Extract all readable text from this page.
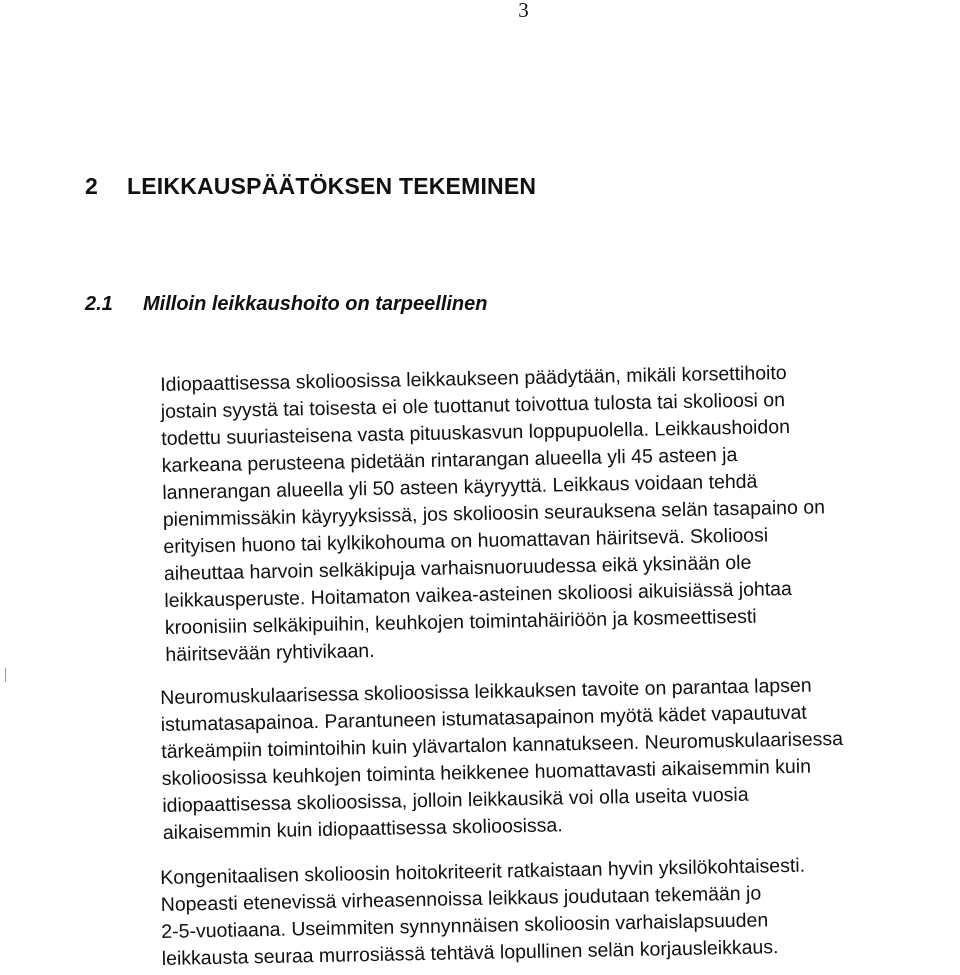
3
2 LEIKKAUSPÄÄTÖKSEN TEKEMINEN
2.1 Milloin leikkaushoito on tarpeellinen
Idiopaattisessa skolioosissa leikkaukseen päädytään, mikäli korsettihoito
jostain syystä tai toisesta ei ole tuottanut toivottua tulosta tai skolioosi on
todettu suuriasteisena vasta pituuskasvun loppupuolella. Leikkaushoidon
karkeana perusteena pidetään rintarangan alueella yli 45 asteen ja
lannerangan alueella yli 50 asteen käyryyttä. Leikkaus voidaan tehdä
pienimmissäkin käyryyksissä, jos skolioosin seurauksena selän tasapaino on
erityisen huono tai kylkikohouma on huomattavan häiritsevä. Skolioosi
aiheuttaa harvoin selkäkipuja varhaisnuoruudessa eikä yksinään ole
leikkausperuste. Hoitamaton vaikea-asteinen skolioosi aikuisiässä johtaa
kroonisiin selkäkipuihin, keuhkojen toimintahäiriöön ja kosmeettisesti
häiritsevään ryhtivikaan.
Neuromuskulaarisessa skolioosissa leikkauksen tavoite on parantaa lapsen
istumatasapainoa. Parantuneen istumatasapainon myötä kädet vapautuvat
tärkeämpiin toimintoihin kuin ylävartalon kannatukseen. Neuromuskulaarisessa
skolioosissa keuhkojen toiminta heikkenee huomattavasti aikaisemmin kuin
idiopaattisessa skolioosissa, jolloin leikkausikä voi olla useita vuosia
aikaisemmin kuin idiopaattisessa skolioosissa.
Kongenitaalisen skolioosin hoitokriteerit ratkaistaan hyvin yksilökohtaisesti.
Nopeasti etenevissä virheasennoissa leikkaus joudutaan tekemään jo
2-5-vuotiaana. Useimmiten synnynnäisen skolioosin varhaislapsuuden
leikkausta seuraa murrosiässä tehtävä lopullinen selän korjausleikkaus.
